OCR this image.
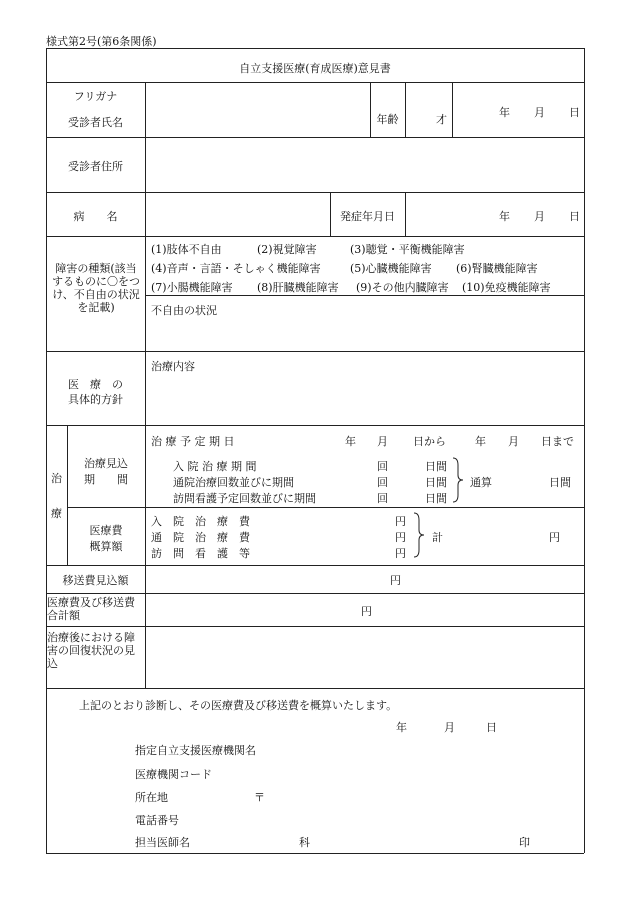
様式第2号(第6条関係)
自立支援医療(育成医療)意見書
フリガナ
受診者氏名	年齢	才
年 月 日
受診者住所
病　　名	発症年月日	年 月 日
障害の種類(該当するものに〇をつけ、不自由の状況 を記載)
(1)肢体不自由	(2)視覚障害	(3)聴覚・平衡機能障害
(4)音声・言語・そしゃく機能障害	(5)心臓機能障害 (6)腎臓機能障害
(7)小腸機能障害 (8)肝臓機能障害 (9)その他内臓障害 (10)免疫機能障害
不自由の状況
医　療　の
具体的方針
治療内容
治
療
治療見込
期　　間
治 療 予 定 期 日	年 月 日から	年 月 日まで
入 院 治 療 期 間	回	日間
通院治療回数並びに期間	回	日間
訪問看護予定回数並びに期間	回	日間
通算	日間
医療費
概算額
入　院　治　療　費	円
通　院　治　療　費	円
訪　問　看　護　等	円
計	円
移送費見込額	円
医療費及び移送費合計額	円
治療後における障害の回復状況の見込
上記のとおり診断し、その医療費及び移送費を概算いたします。
年	月	日
指定自立支援医療機関名
医療機関コード
所在地	〒
電話番号
担当医師名	科	印
